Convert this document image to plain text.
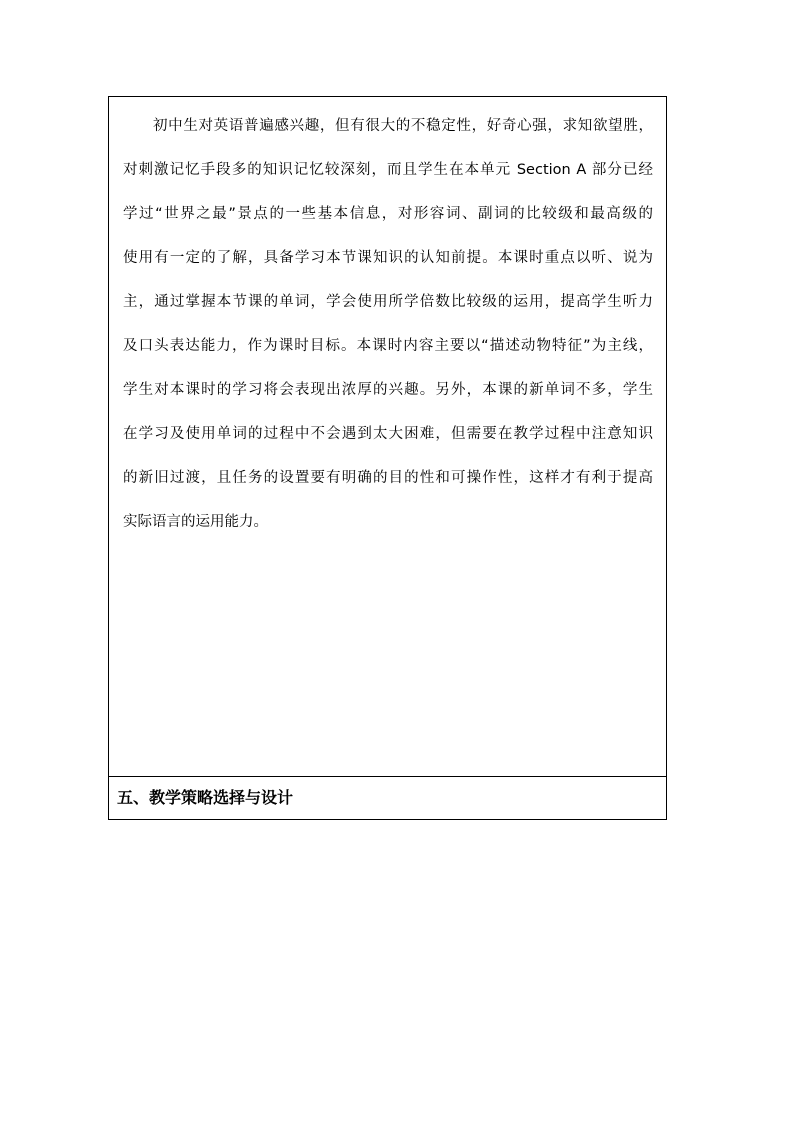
初中生对英语普遍感兴趣，但有很大的不稳定性，好奇心强，求知欲望胜，
对刺激记忆手段多的知识记忆较深刻，而且学生在本单元 Section A 部分已经
学过“世界之最”景点的一些基本信息，对形容词、副词的比较级和最高级的
使用有一定的了解，具备学习本节课知识的认知前提。本课时重点以听、说为
主，通过掌握本节课的单词，学会使用所学倍数比较级的运用，提高学生听力
及口头表达能力，作为课时目标。本课时内容主要以“描述动物特征”为主线，
学生对本课时的学习将会表现出浓厚的兴趣。另外，本课的新单词不多，学生
在学习及使用单词的过程中不会遇到太大困难，但需要在教学过程中注意知识
的新旧过渡，且任务的设置要有明确的目的性和可操作性，这样才有利于提高
实际语言的运用能力。
五、教学策略选择与设计
